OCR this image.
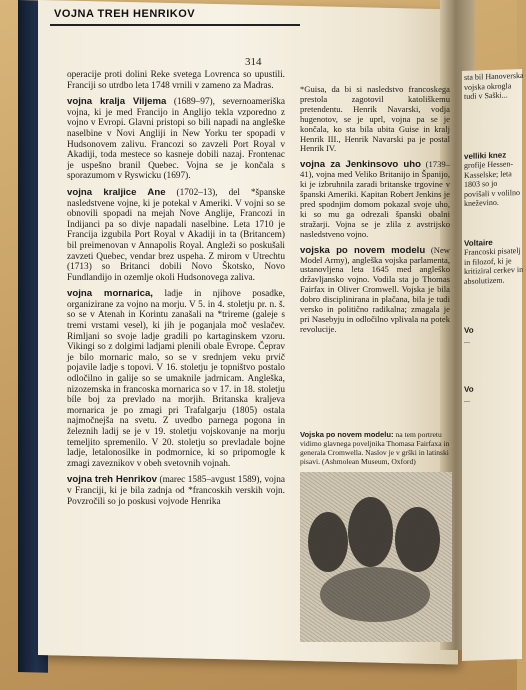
sta bil Hanoverska vojska okrogla tudi v Saški...
velliki knez
grofije Hessen-Kasselskе; leta 1803 so jo povišali v volilno kneževino.
Voltaire
Francoski pisatelj in filozof, ki je kritiziral cerkev in absolutizem.
Vo
...
Vo
...
VOJNA TREH HENRIKOV
314
operacije proti dolini Reke svetega Lovrenca so upustili. Franciji so utrdbo leta 1748 vrnili v zameno za Madras.
vojna kralja Viljema (1689–97), severnoameriška vojna, ki je med Francijo in Anglijo tekla vzporedno z vojno v Evropi. Glavni pristopi so bili napadi na angleške naselbine v Novi Angliji in New Yorku ter spopadi v Hudsonovem zalivu. Francozi so zavzeli Port Royal v Akadiji, toda mestece so kasneje dobili nazaj. Frontenac je uspešno branil Quebec. Vojna se je končala s sporazumom v Ryswicku (1697).
vojna kraljice Ane (1702–13), del *španske nasledstvene vojne, ki je potekal v Ameriki. V vojni so se obnovili spopadi na mejah Nove Anglije, Francozi in Indijanci pa so divje napadali naselbine. Leta 1710 je Francija izgubila Port Royal v Akadiji in ta (Britancem) bil preimenovan v Annapolis Royal. Angleži so poskušali zavzeti Quebec, vendar brez uspeha. Z mirom v Utrechtu (1713) so Britanci dobili Novo Škotsko, Novo Fundlandijo in ozemlje okoli Hudsonovega zaliva.
vojna mornarica, ladje in njihove posadke, organizirane za vojno na morju. V 5. in 4. stoletju pr. n. š. so se v Atenah in Korintu zanašali na *trireme (galeje s tremi vrstami vesel), ki jih je poganjala moč veslačev. Rimljani so svoje ladje gradili po kartaginskem vzoru. Vikingi so z dolgimi ladjami plenili obale Evrope. Čeprav je bilo mornaric malo, so se v srednjem veku prvič pojavile ladje s topovi. V 16. stoletju je topništvo postalo odločilno in galije so se umaknile jadrnicam. Angleška, nizozemska in francoska mornarica so v 17. in 18. stoletju bíle boj za prevlado na morjih. Britanska kraljeva mornarica je po zmagi pri Trafalgarju (1805) ostala najmočnejša na svetu. Z uvedbo parnega pogona in železnih ladij se je v 19. stoletju vojskovanje na morju temeljito spremenilo. V 20. stoletju so prevladale bojne ladje, letalonosilke in podmornice, ki so pripomogle k zmagi zaveznikov v obeh svetovnih vojnah.
vojna treh Henrikov (marec 1585–avgust 1589), vojna v Franciji, ki je bila zadnja od *francoskih verskih vojn. Povzročili so jo poskusi vojvode Henrikа
*Guisa, da bi si nasledstvo francoskega prestola zagotovil katoliškemu pretendentu. Henrik Navarski, vodja hugenotov, se je uprl, vojna pa se je končala, ko sta bila ubita Guise in kralj Henrik III., Henrik Navarski pa je postal Henrik IV.
vojna za Jenkinsovo uho (1739–41), vojna med Veliko Britanijo in Španijo, ki je izbruhnila zaradi britanske trgovine v španski Ameriki. Kapitan Robert Jenkins je pred spodnjim domom pokazal svoje uho, ki so mu ga odrezali španski obalni stražarji. Vojna se je zlila z avstrijsko nasledstveno vojno.
vojska po novem modelu (New Model Army), angleška vojska parlamenta, ustanovljena leta 1645 med angleško državljansko vojno. Vodila sta jo Thomas Fairfax in Oliver Cromwell. Vojska je bila dobro disciplinirana in plačana, bila je tudi versko in politično radikalna; zmagala je pri Nasebyju in odločilno vplivala na potek revolucije.
Vojska po novem modelu: na tem portretu vidimo glavnega poveljnika Thomasa Fairfaxa in generala Cromwella. Naslov je v grški in latinski pisavi. (Ashmolean Museum, Oxford)
